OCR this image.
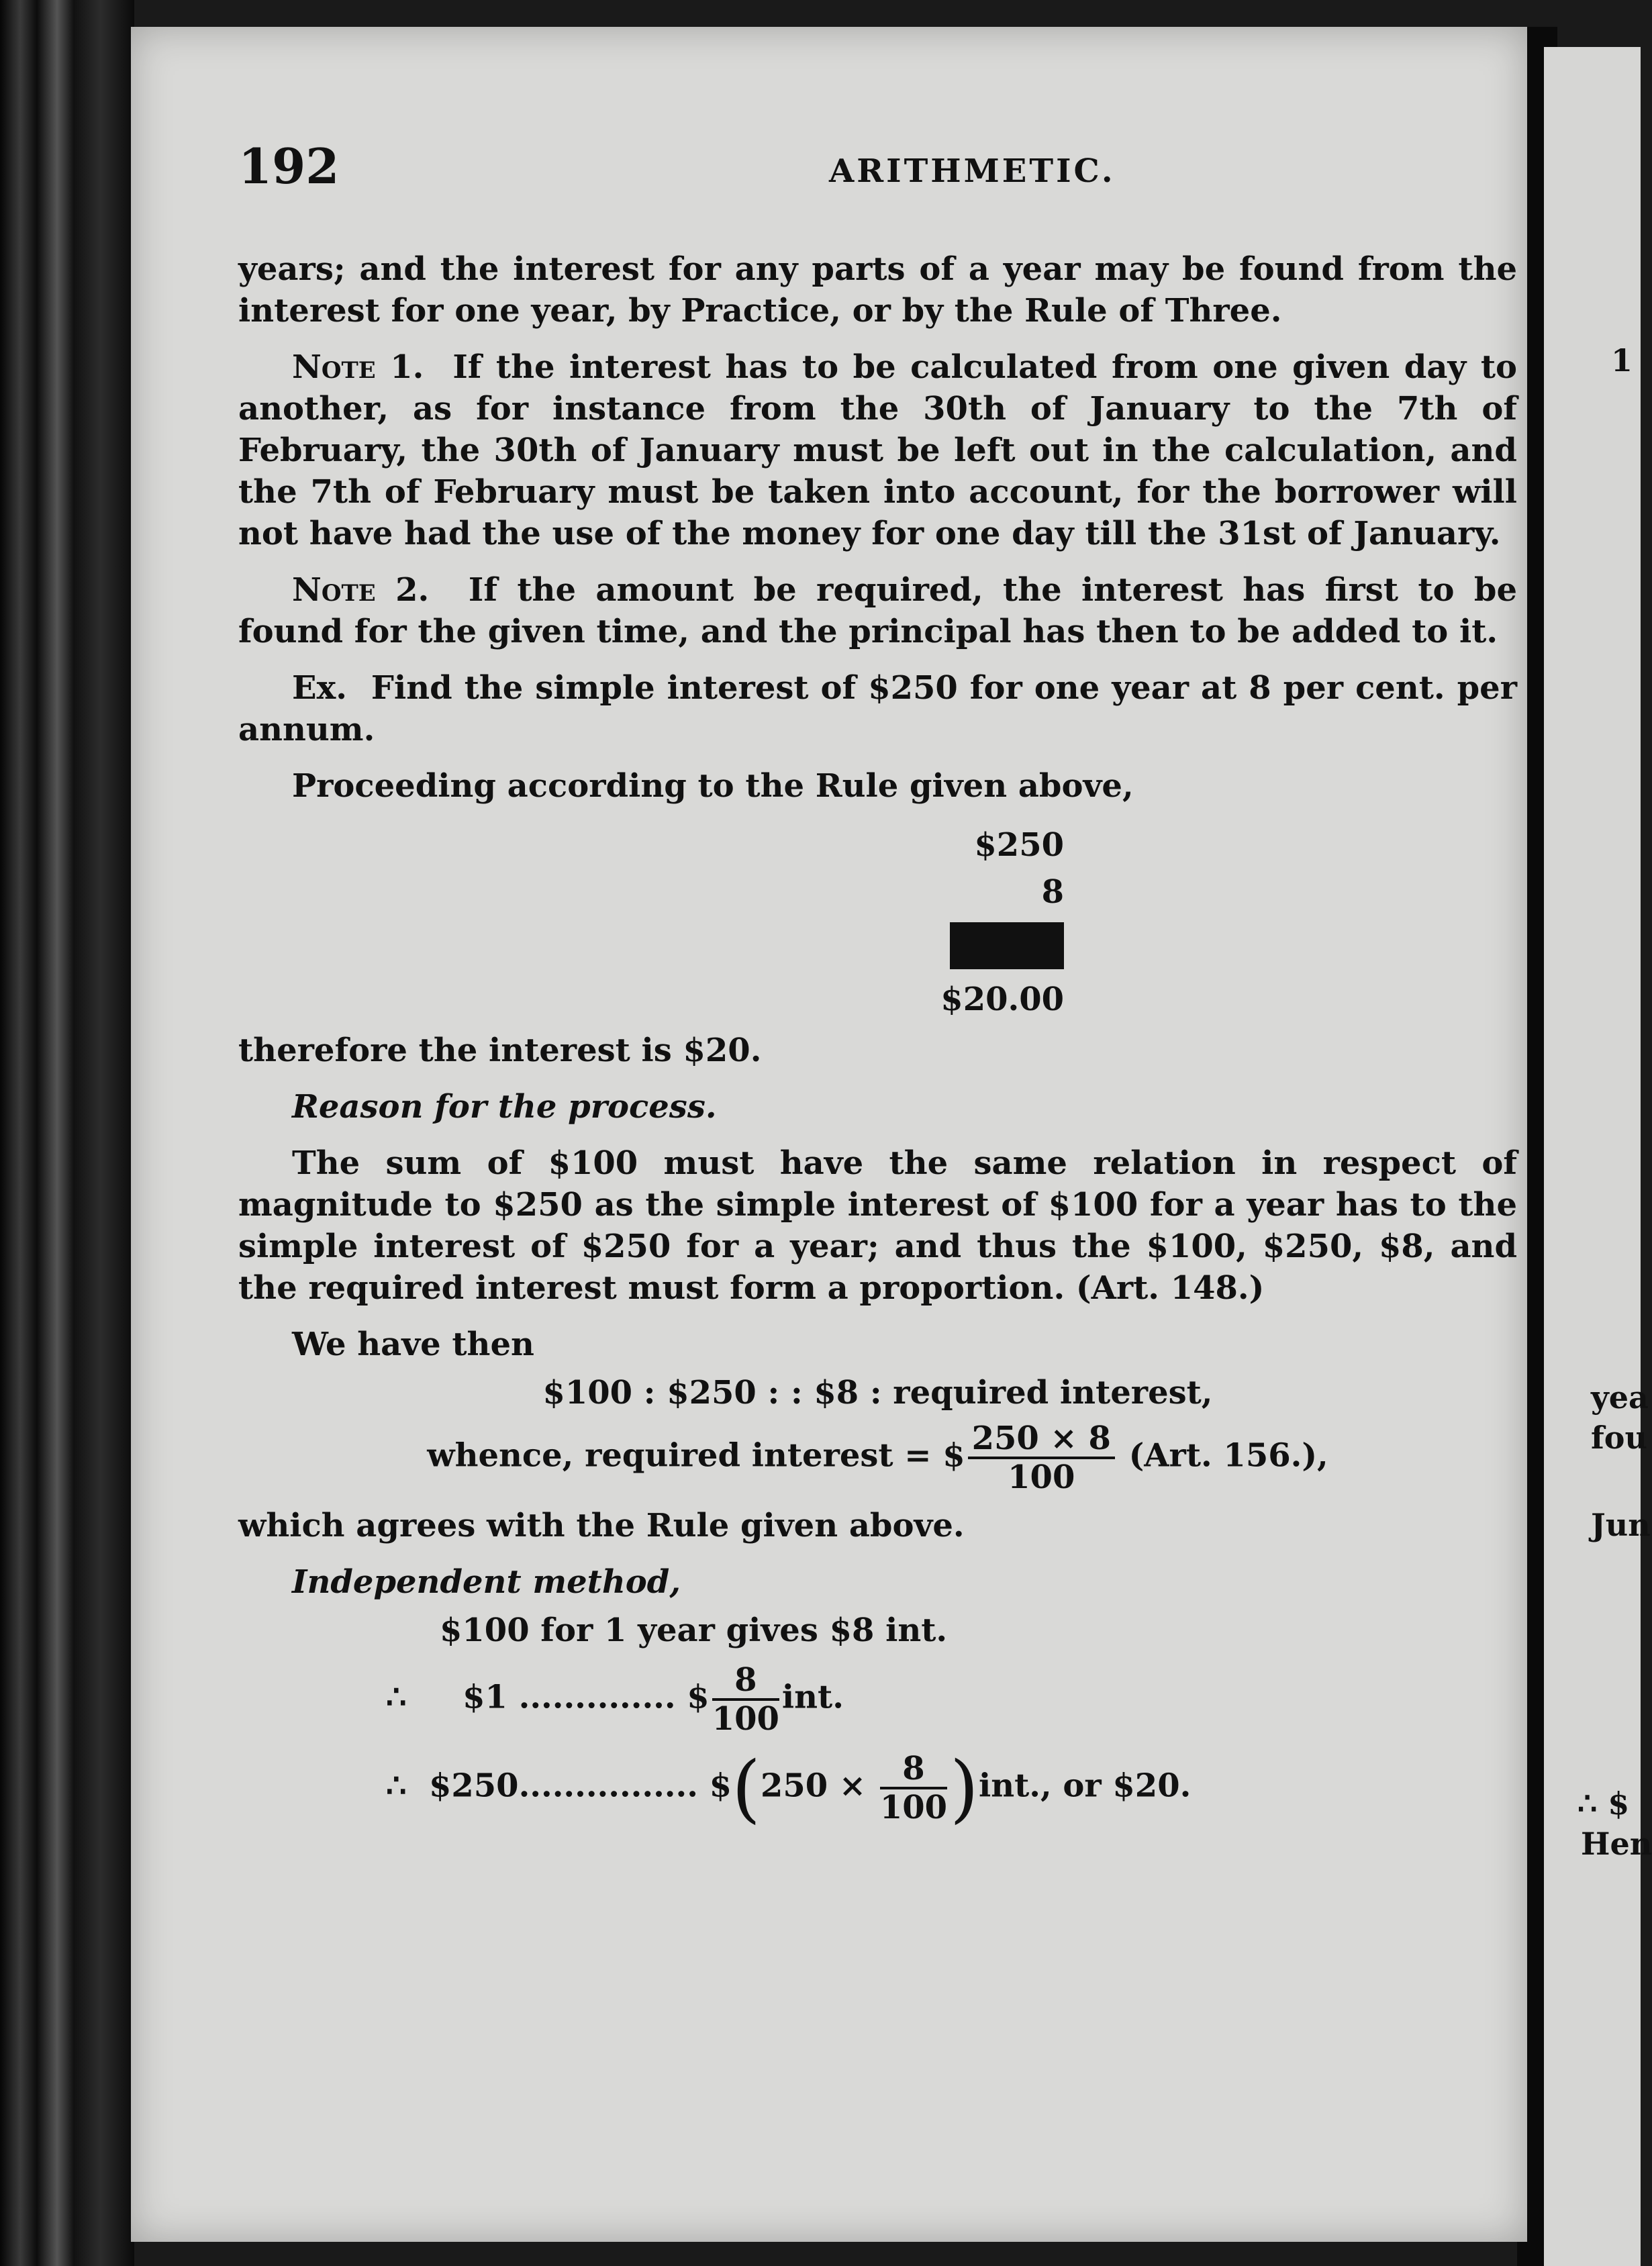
1
yea
fou
Jun
∴ $
Hen
192	ARITHMETIC.

years; and the interest for any parts of a year may be found from the interest for one year, by Practice, or by the Rule of Three.

Note 1. If the interest has to be calculated from one given day to another, as for instance from the 30th of January to the 7th of February, the 30th of January must be left out in the calculation, and the 7th of February must be taken into account, for the borrower will not have had the use of the money for one day till the 31st of January.

Note 2. If the amount be required, the interest has first to be found for the given time, and the principal has then to be added to it.

Ex. Find the simple interest of $250 for one year at 8 per cent. per annum.

Proceeding according to the Rule given above,

$250
8
$20.00

therefore the interest is $20.

Reason for the process.

The sum of $100 must have the same relation in respect of magnitude to $250 as the simple interest of $100 for a year has to the simple interest of $250 for a year; and thus the $100, $250, $8, and the required interest must form a proportion. (Art. 148.)

We have then

$100 : $250 : : $8 : required interest,

whence, required interest = $ $\frac{250 \times 8}{100} (Art$. 156.),

which agrees with the Rule given above.

Independent method,

$100 for 1 year gives $8 int.

∴ $1 .............. $ $\frac{8}{100}$ int.
∴ $250................ $(250 × $\frac{8}{100} )int$., or $20.
